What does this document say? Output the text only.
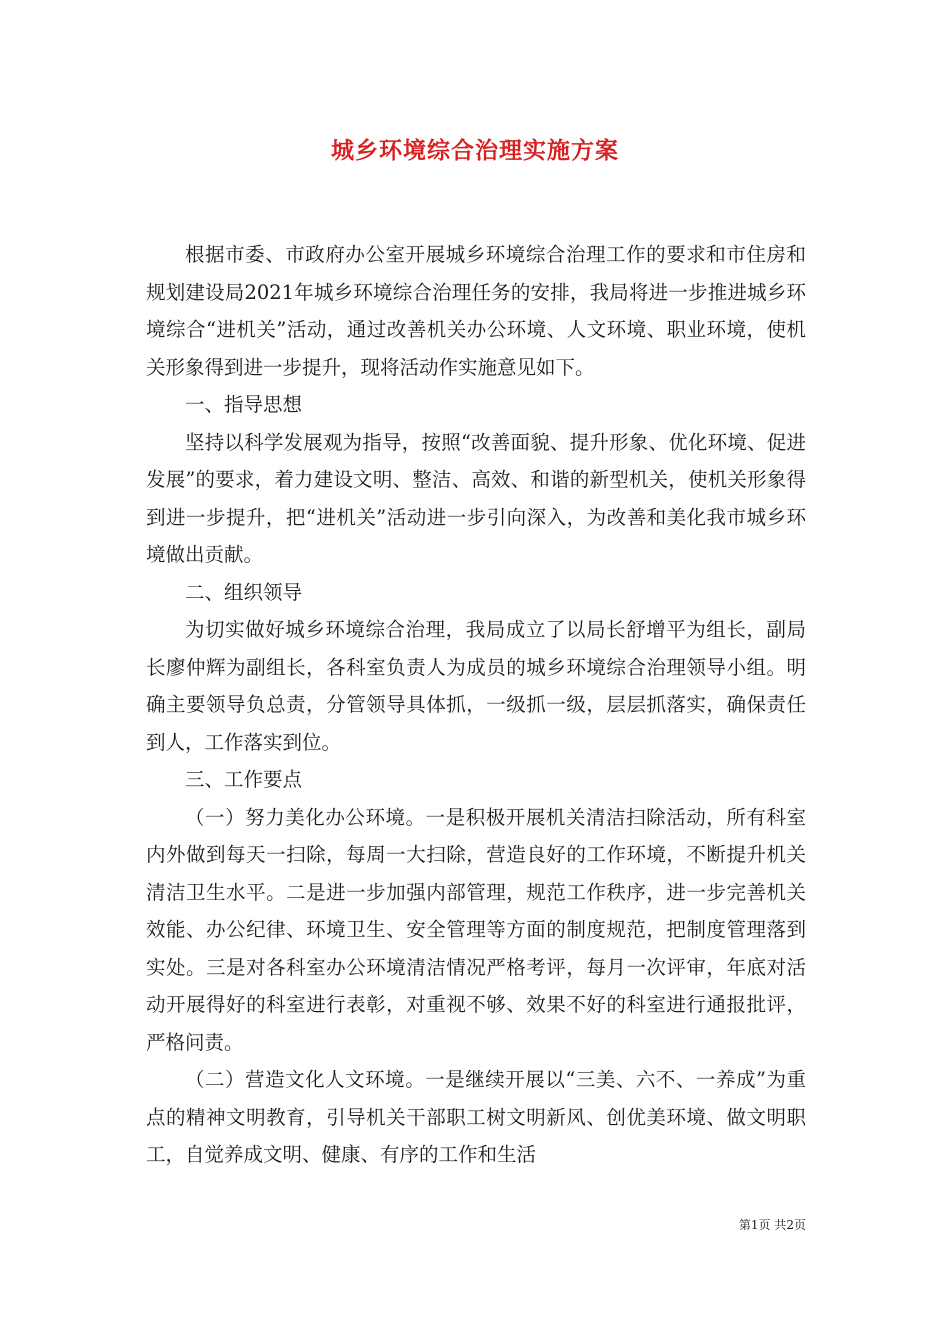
城乡环境综合治理实施方案

根据市委、市政府办公室开展城乡环境综合治理工作的要求和市住房和规划建设局2021年城乡环境综合治理任务的安排，我局将进一步推进城乡环境综合“进机关”活动，通过改善机关办公环境、人文环境、职业环境，使机关形象得到进一步提升，现将活动作实施意见如下。

一、指导思想

坚持以科学发展观为指导，按照“改善面貌、提升形象、优化环境、促进发展”的要求，着力建设文明、整洁、高效、和谐的新型机关，使机关形象得到进一步提升，把“进机关”活动进一步引向深入，为改善和美化我市城乡环境做出贡献。

二、组织领导

为切实做好城乡环境综合治理，我局成立了以局长舒增平为组长，副局长廖仲辉为副组长，各科室负责人为成员的城乡环境综合治理领导小组。明确主要领导负总责，分管领导具体抓，一级抓一级，层层抓落实，确保责任到人，工作落实到位。

三、工作要点

（一）努力美化办公环境。一是积极开展机关清洁扫除活动，所有科室内外做到每天一扫除，每周一大扫除，营造良好的工作环境，不断提升机关清洁卫生水平。二是进一步加强内部管理，规范工作秩序，进一步完善机关效能、办公纪律、环境卫生、安全管理等方面的制度规范，把制度管理落到实处。三是对各科室办公环境清洁情况严格考评，每月一次评审，年底对活动开展得好的科室进行表彰，对重视不够、效果不好的科室进行通报批评，严格问责。

（二）营造文化人文环境。一是继续开展以“三美、六不、一养成”为重点的精神文明教育，引导机关干部职工树文明新风、创优美环境、做文明职工，自觉养成文明、健康、有序的工作和生活

第1页 共2页
